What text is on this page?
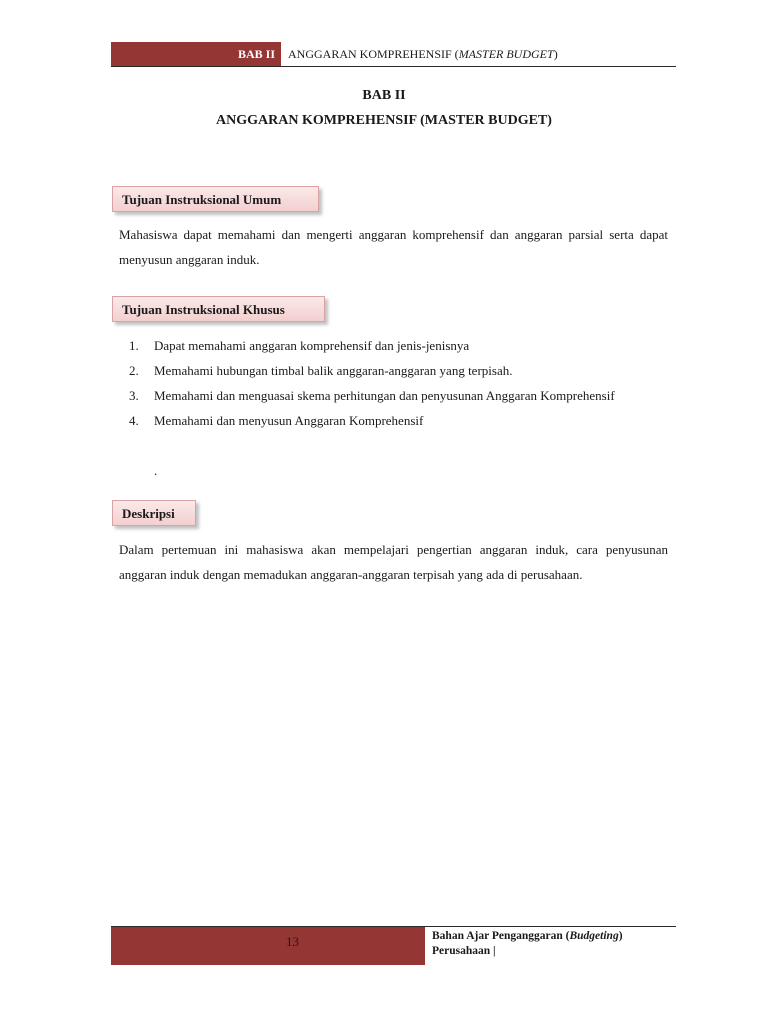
BAB II	ANGGARAN KOMPREHENSIF (MASTER BUDGET)
BAB II
ANGGARAN KOMPREHENSIF (MASTER BUDGET)
Tujuan Instruksional Umum
Mahasiswa dapat memahami dan mengerti anggaran komprehensif dan anggaran parsial serta dapat menyusun anggaran induk.
Tujuan Instruksional Khusus
1. Dapat memahami anggaran komprehensif dan jenis-jenisnya
2. Memahami hubungan timbal balik anggaran-anggaran yang terpisah.
3. Memahami dan menguasai skema perhitungan dan penyusunan Anggaran Komprehensif
4. Memahami dan menyusun Anggaran Komprehensif
.
Deskripsi
Dalam pertemuan ini mahasiswa akan mempelajari pengertian anggaran induk, cara penyusunan anggaran induk dengan memadukan anggaran-anggaran terpisah yang ada di perusahaan.
13	Bahan Ajar Penganggaran (Budgeting)
Perusahaan |
